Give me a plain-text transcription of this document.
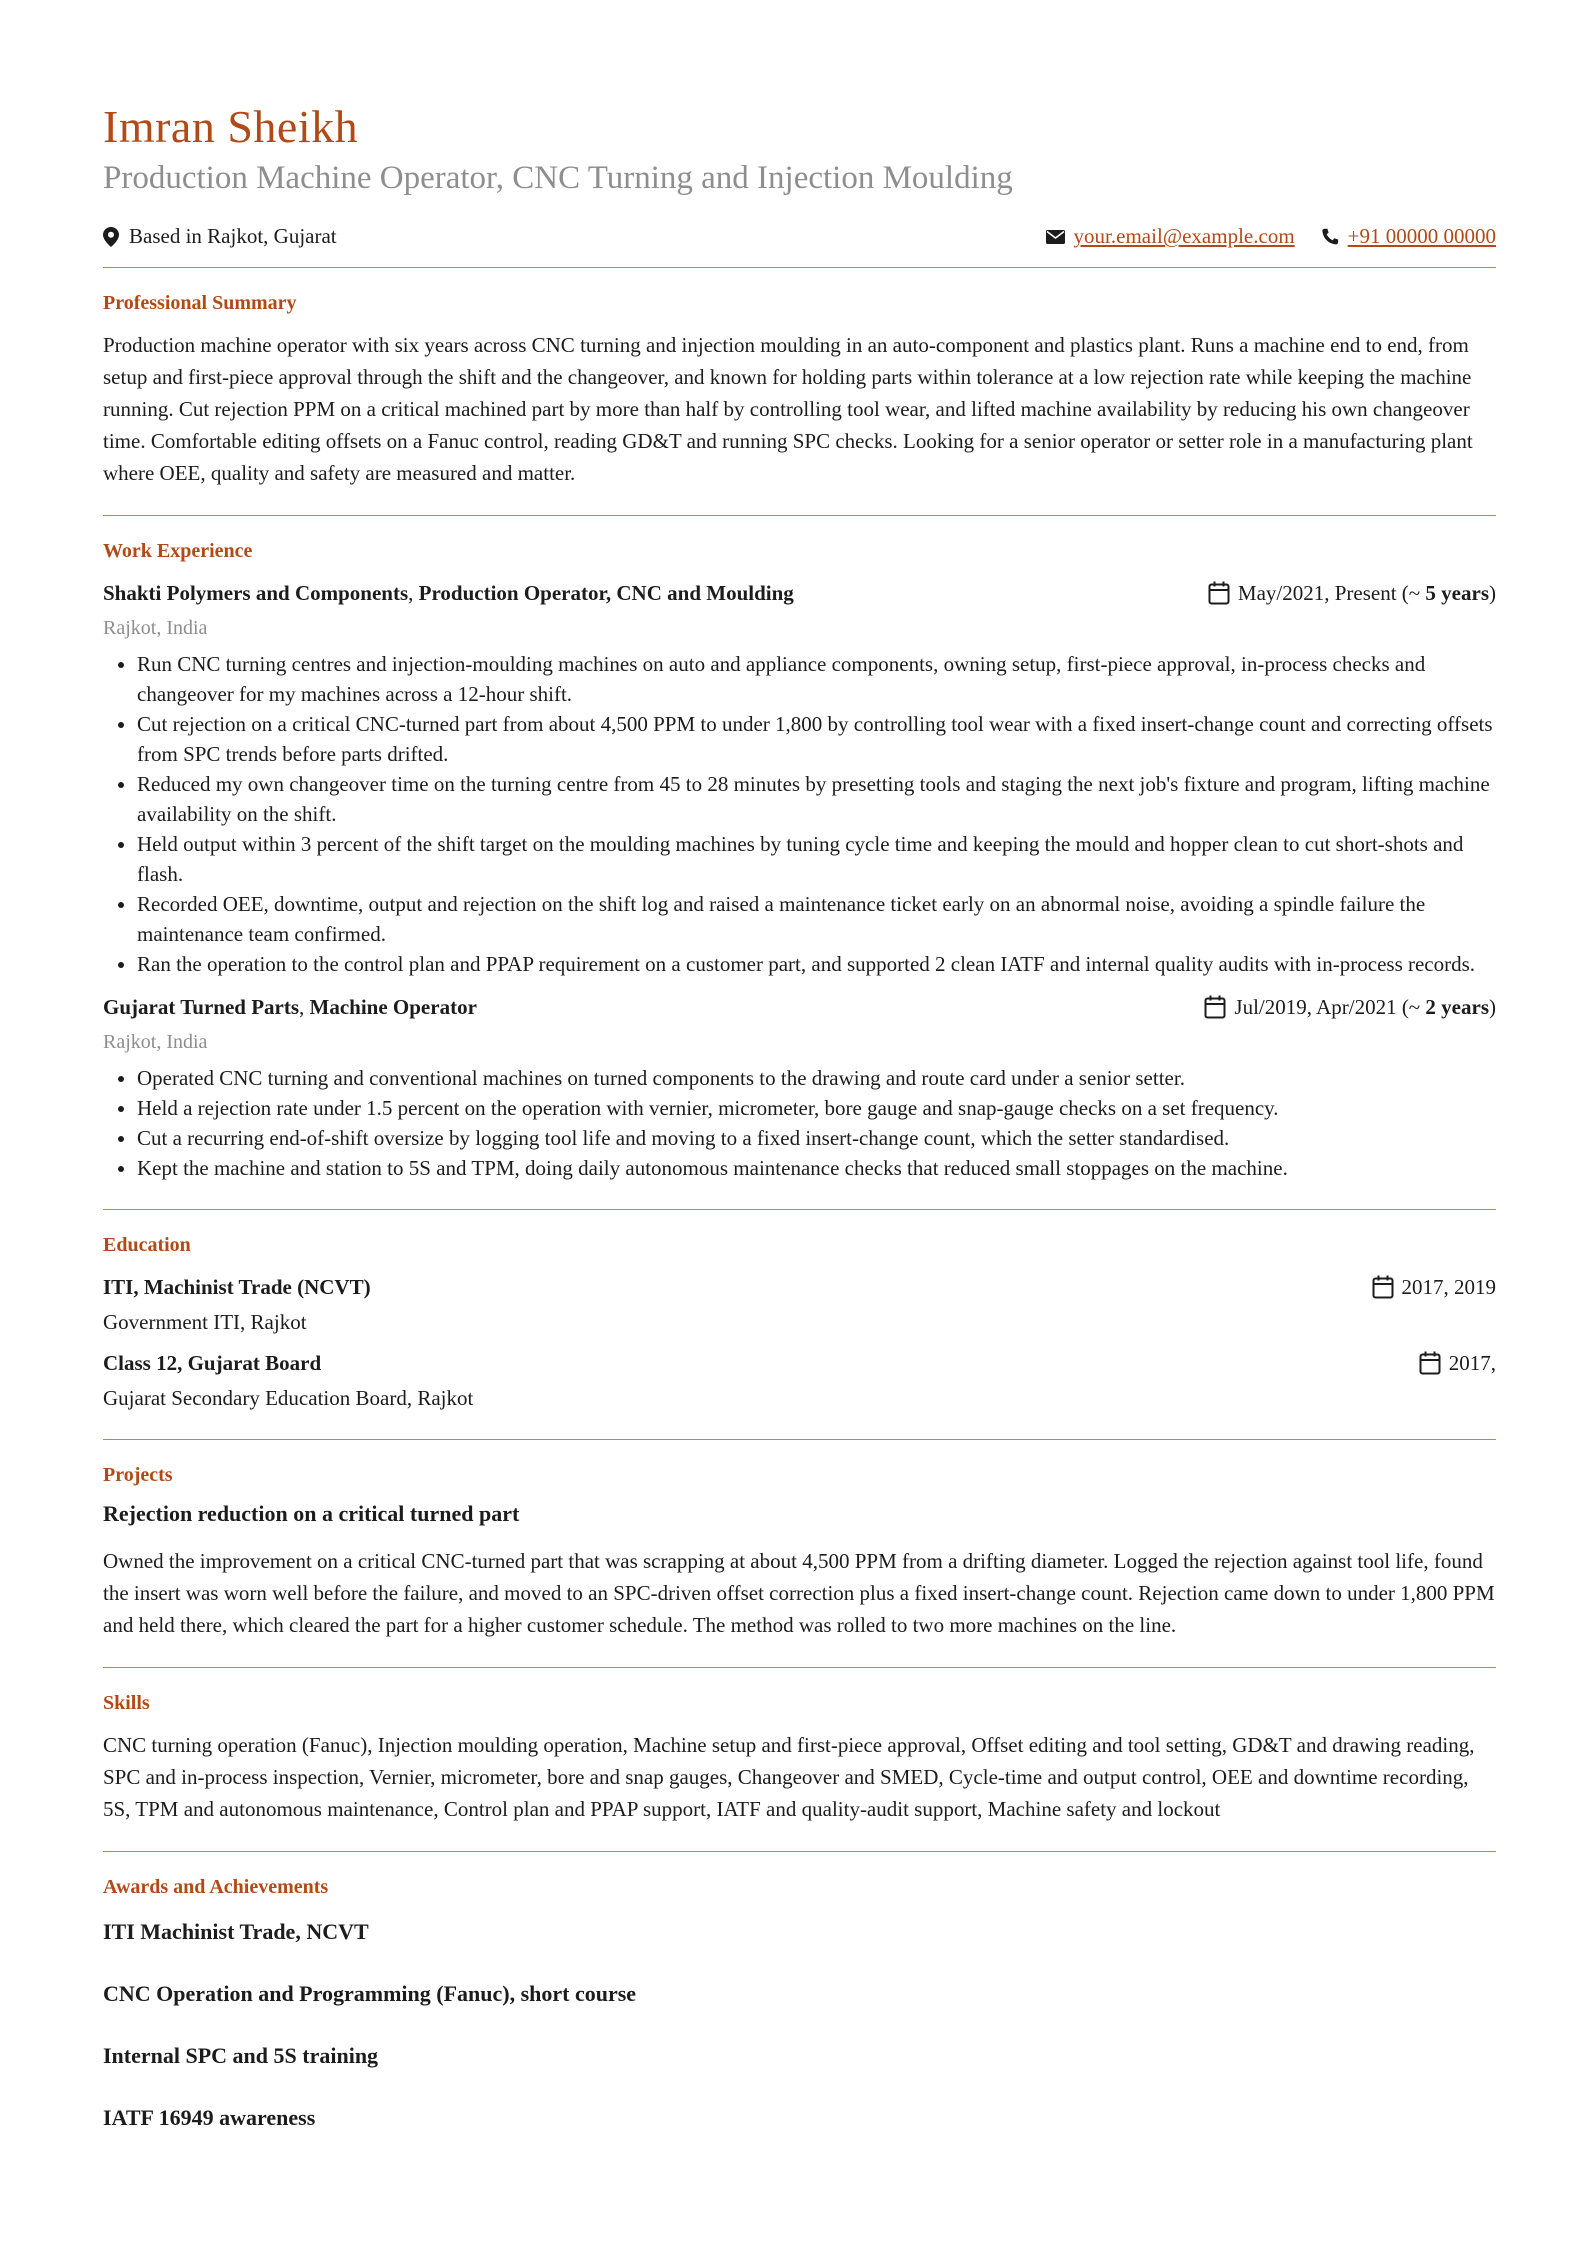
Imran Sheikh
Production Machine Operator, CNC Turning and Injection Moulding
Based in Rajkot, Gujarat	your.email@example.com	+91 00000 00000
Professional Summary

Production machine operator with six years across CNC turning and injection moulding in an auto-component and plastics plant. Runs a machine end to end, from setup and first-piece approval through the shift and the changeover, and known for holding parts within tolerance at a low rejection rate while keeping the machine running. Cut rejection PPM on a critical machined part by more than half by controlling tool wear, and lifted machine availability by reducing his own changeover time. Comfortable editing offsets on a Fanuc control, reading GD&T and running SPC checks. Looking for a senior operator or setter role in a manufacturing plant where OEE, quality and safety are measured and matter.

Work Experience
Shakti Polymers and Components, Production Operator, CNC and Moulding	May/2021, Present (~ 5 years)
Rajkot, India
• Run CNC turning centres and injection-moulding machines on auto and appliance components, owning setup, first-piece approval, in-process checks and changeover for my machines across a 12-hour shift.
• Cut rejection on a critical CNC-turned part from about 4,500 PPM to under 1,800 by controlling tool wear with a fixed insert-change count and correcting offsets from SPC trends before parts drifted.
• Reduced my own changeover time on the turning centre from 45 to 28 minutes by presetting tools and staging the next job's fixture and program, lifting machine availability on the shift.
• Held output within 3 percent of the shift target on the moulding machines by tuning cycle time and keeping the mould and hopper clean to cut short-shots and flash.
• Recorded OEE, downtime, output and rejection on the shift log and raised a maintenance ticket early on an abnormal noise, avoiding a spindle failure the maintenance team confirmed.
• Ran the operation to the control plan and PPAP requirement on a customer part, and supported 2 clean IATF and internal quality audits with in-process records.
Gujarat Turned Parts, Machine Operator	Jul/2019, Apr/2021 (~ 2 years)
Rajkot, India
• Operated CNC turning and conventional machines on turned components to the drawing and route card under a senior setter.
• Held a rejection rate under 1.5 percent on the operation with vernier, micrometer, bore gauge and snap-gauge checks on a set frequency.
• Cut a recurring end-of-shift oversize by logging tool life and moving to a fixed insert-change count, which the setter standardised.
• Kept the machine and station to 5S and TPM, doing daily autonomous maintenance checks that reduced small stoppages on the machine.
Education
ITI, Machinist Trade (NCVT)	2017, 2019
Government ITI, Rajkot
Class 12, Gujarat Board	2017,
Gujarat Secondary Education Board, Rajkot
Projects
Rejection reduction on a critical turned part

Owned the improvement on a critical CNC-turned part that was scrapping at about 4,500 PPM from a drifting diameter. Logged the rejection against tool life, found the insert was worn well before the failure, and moved to an SPC-driven offset correction plus a fixed insert-change count. Rejection came down to under 1,800 PPM and held there, which cleared the part for a higher customer schedule. The method was rolled to two more machines on the line.

Skills

CNC turning operation (Fanuc), Injection moulding operation, Machine setup and first-piece approval, Offset editing and tool setting, GD&T and drawing reading, SPC and in-process inspection, Vernier, micrometer, bore and snap gauges, Changeover and SMED, Cycle-time and output control, OEE and downtime recording, 5S, TPM and autonomous maintenance, Control plan and PPAP support, IATF and quality-audit support, Machine safety and lockout

Awards and Achievements
ITI Machinist Trade, NCVT
CNC Operation and Programming (Fanuc), short course
Internal SPC and 5S training
IATF 16949 awareness
